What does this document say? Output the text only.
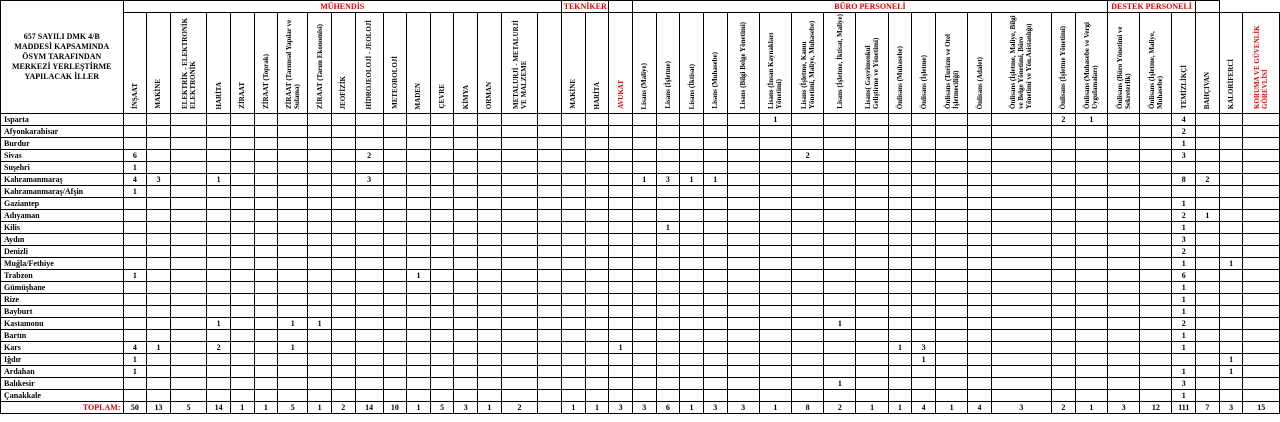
657 SAYILI DMK 4/B MADDESİ KAPSAMINDA ÖSYM TARAFINDAN MERKEZİ YERLEŞTİRME YAPILACAK İLLER	MÜHENDİS																	TEKNİKER			BÜRO PERSONELİ																DESTEK PERSONELİ					

	İNŞAAT	MAKİNE	ELEKTRİK - ELEKTRONİK ELEKTRONİK	HARİTA	ZİRAAT	ZİRAAT (Toprak)	ZİRAAT (Tarımsal Yapılar ve Sulama)	ZİRAAT (Tarım Ekonomisi)	JEOFİZİK	HİDROJEOLOJİ - JEOLOJİ	METEOROLOJİ	MADEN	ÇEVRE	KİMYA	ORMAN	METALURJİ - METALURJİ VE MALZEME		MAKİNE	HARİTA	AVUKAT	Lisans (Maliye)	Lisans (İşletme)	Lisans (İktisat)	Lisans (Muhasebe)	Lisans (Bilgi Belge Yönetimi)	Lisans (İnsan Kaynakları Yönetimi)	Lisans (İşletme, Kamu Yönetimi, Maliye, Muhasebe)	Lisans (İşletme, İktisat, Maliye)	Lisans( Gayrimenkul Geliştirme ve Yönetimi)	Önlisans (Muhasebe)	Önlisans (İşletme)	Önlisans (Turizm ve Otel İşletmeciliği)	Önlisans (Adalet)	Önlisans (İşletme, Maliye, Bilgi ve Belge Yönetimi, Büro Yönetimi ve Yön.Asistanlığı)	Önlisans (İşletme Yönetimi)	Önlisans (Muhasebe ve Vergi Uygulamaları)	Önlisans (Büro Yönetimi ve Sekreterlik)	Önlisans (İşletme, Maliye, Muhasebe)	TEMİZLİKÇİ	BAHÇIVAN	KALORİFERCİ	KORUMA VE GÜVENLİK GÖREVLİSİ

Isparta																										1									2	1			4			
Afyonkarahisar																																							2			
Burdur																																							1			
Sivas	6									2																	2												3			
Suşehri	1																																									
Kahramanmaraş	4	3		1						3											1	3	1	1															8	2		
Kahramanmaraş/Afşin	1																																									
Gaziantep																																							1			
Adıyaman																																							2	1		
Kilis																						1																	1			
Aydın																																							3			
Denizli																																							2			
Muğla/Fethiye																																							1		1	
Trabzon	1											1																											6			
Gümüşhane																																							1			
Rize																																							1			
Bayburt																																							1			
Kastamonu				1			1	1																				1											2			
Bartın																																							1			
Kars	4	1		2			1													1										1	3								1			
Iğdır	1																														1										1	
Ardahan	1																																						1		1	
Balıkesir																												1											3			
Çanakkale																																							1			
TOPLAM:	50	13	5	14	1	1	5	1	2	14	10	1	5	3	1	2		1	1	3	3	6	1	3	3	1	8	2	1	1	4	1	4	3	2	1	3	12	111	7	3	15
